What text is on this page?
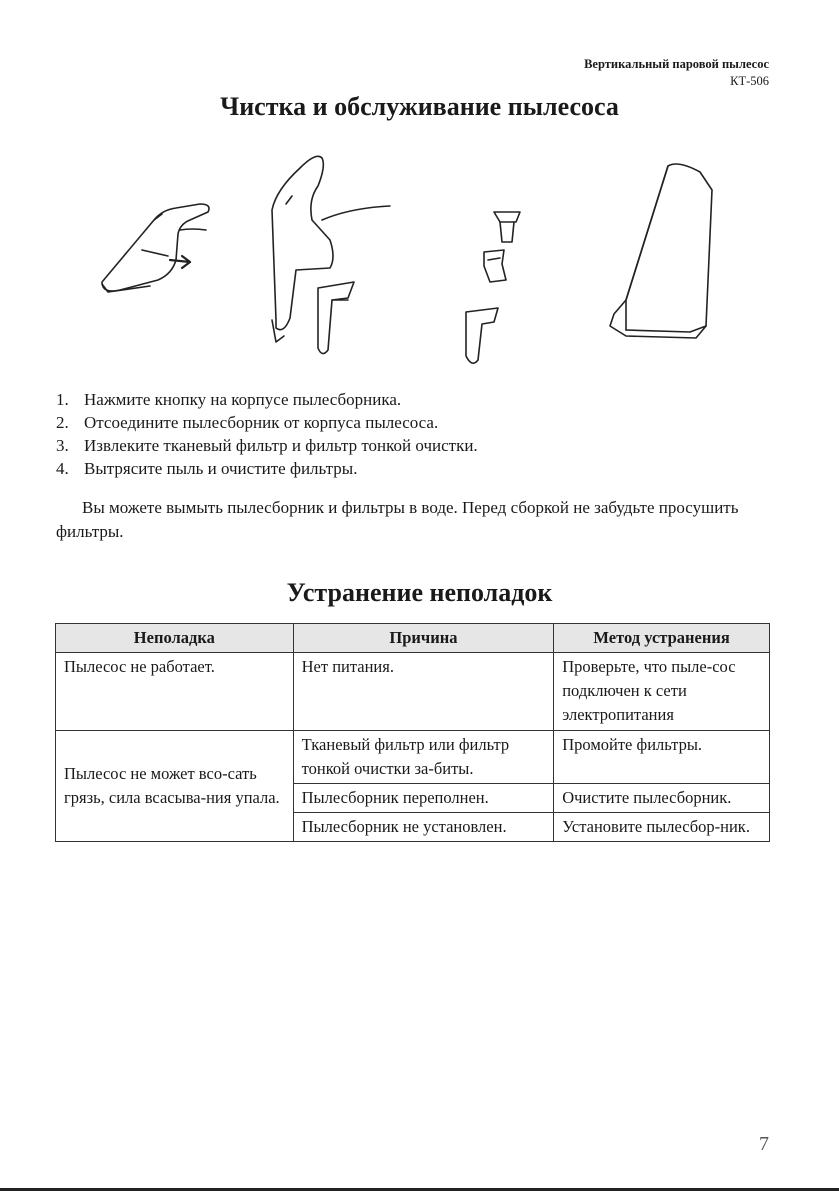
Вертикальный паровой пылесос
КТ-506
Чистка и обслуживание пылесоса
1. Нажмите кнопку на корпусе пылесборника.
2. Отсоедините пылесборник от корпуса пылесоса.
3. Извлеките тканевый фильтр и фильтр тонкой очистки.
4. Вытрясите пыль и очистите фильтры.

Вы можете вымыть пылесборник и фильтры в воде. Перед сборкой не забудьте просушить фильтры.

Устранение неполадок
Неполадка	Причина	Метод устранения
Пылесос не работает.	Нет питания.	Проверьте, что пыле-сос подключен к сети электропитания
Пылесос не может всо-сать грязь, сила всасыва-ния упала.	Тканевый фильтр или фильтр тонкой очистки за-биты.	Промойте фильтры.
	Пылесборник переполнен.	Очистите пылесборник.
	Пылесборник не установлен.	Установите пылесбор-ник.
7
